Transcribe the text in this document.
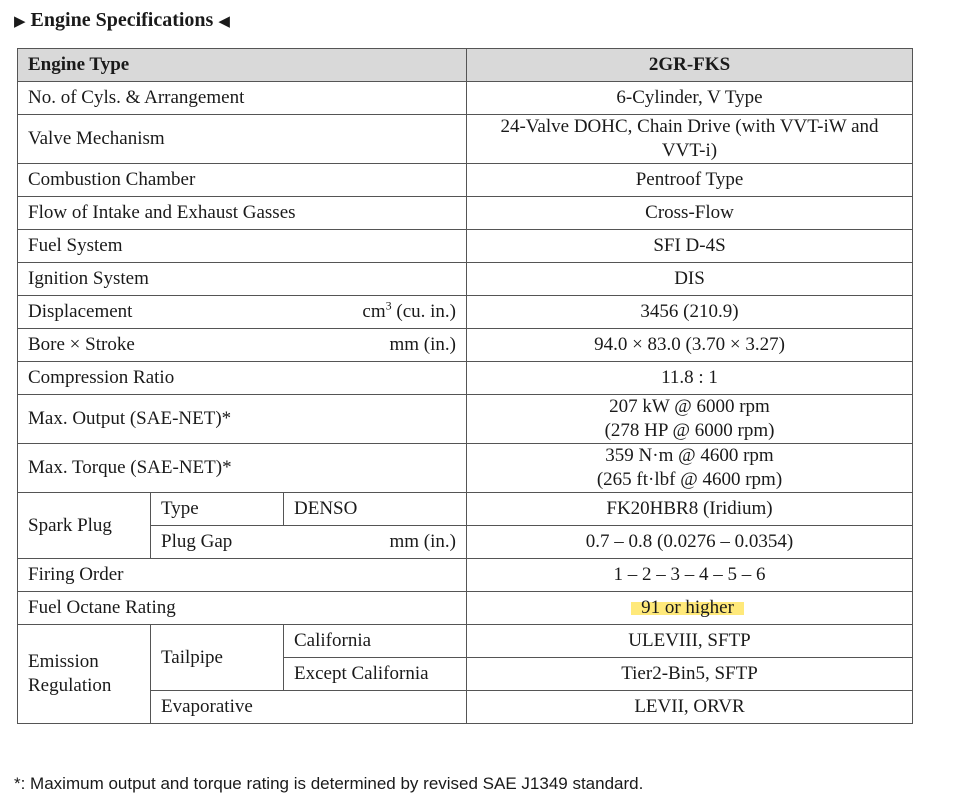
▶ Engine Specifications ◀
Engine Type			2GR-FKS
No. of Cyls. & Arrangement			6-Cylinder, V Type
Valve Mechanism			24-Valve DOHC, Chain Drive (with VVT-iW and
VVT-i)
Combustion Chamber			Pentroof Type
Flow of Intake and Exhaust Gasses			Cross-Flow
Fuel System			SFI D-4S
Ignition System			DIS
Displacement $cm^3$ (cu. in.)			3456 (210.9)
Bore × Stroke mm (in.)			94.0 × 83.0 (3.70 × 3.27)
Compression Ratio			11.8 : 1
Max. Output (SAE-NET)*			207 kW @ 6000 rpm
(278 HP @ 6000 rpm)
Max. Torque (SAE-NET)*			359 N·m @ 4600 rpm
(265 ft·lbf @ 4600 rpm)
Spark Plug	Type	DENSO	FK20HBR8 (Iridium)
	Plug Gap mm (in.)		0.7 – 0.8 (0.0276 – 0.0354)
Firing Order			1 – 2 – 3 – 4 – 5 – 6
Fuel Octane Rating			91 or higher
Emission
Regulation	Tailpipe	California	ULEVIII, SFTP
		Except California	Tier2-Bin5, SFTP
	Evaporative		LEVII, ORVR
*: Maximum output and torque rating is determined by revised SAE J1349 standard.
